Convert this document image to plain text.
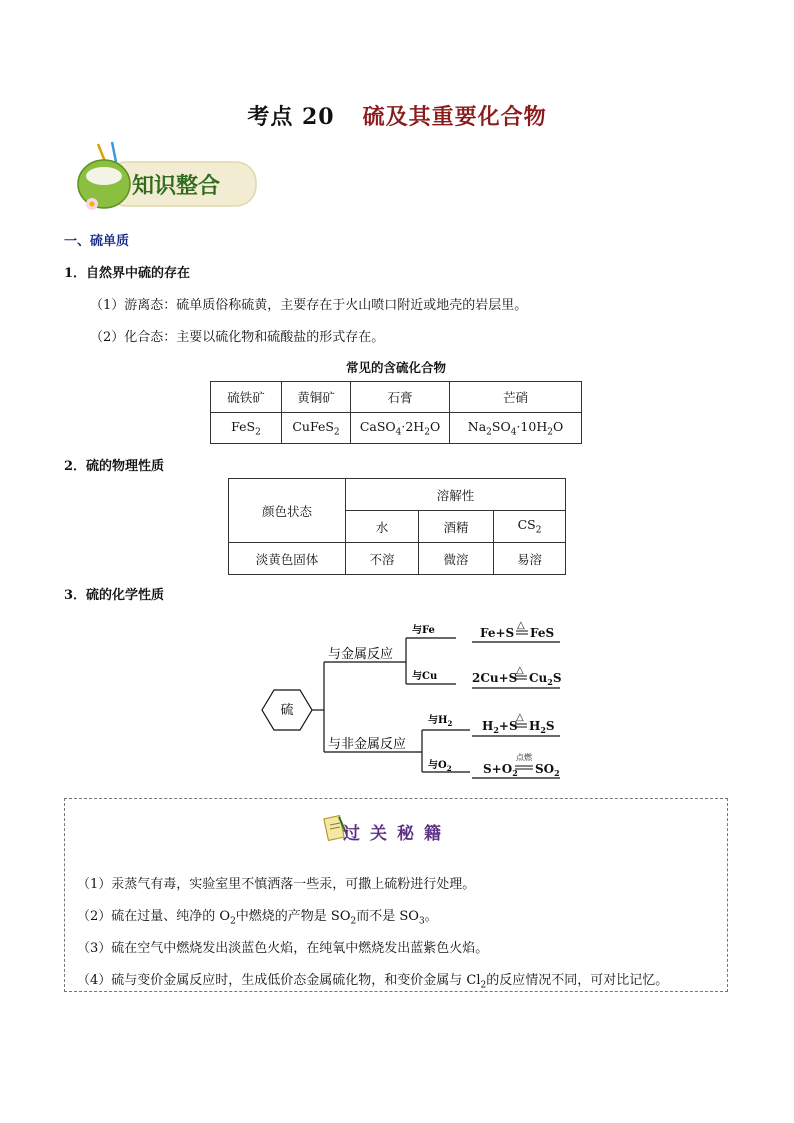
考点 20 硫及其重要化合物
知识整合
一、硫单质
1．自然界中硫的存在
（1）游离态：硫单质俗称硫黄，主要存在于火山喷口附近或地壳的岩层里。
（2）化合态：主要以硫化物和硫酸盐的形式存在。
常见的含硫化合物
硫铁矿	黄铜矿	石膏	芒硝
FeS$_2$	CuFeS$_2$	$CaSO_4\cdot 2H_2O$	$Na_2SO_4\cdot 10H_2O$
2．硫的物理性质
颜色状态	溶解性		
	水	酒精	$CS_2$
淡黄色固体	不溶	微溶	易溶
3．硫的化学性质
硫
与金属反应
与非金属反应
与Fe
与Cu
与$H_2$
与$O_2$
Fe+S
△
FeS
2Cu+S
△
$Cu_2S$
$H_2+S$
△
$H_2S$
$S+O_2$
点燃
$SO_2$
过关秘籍
（1）汞蒸气有毒，实验室里不慎洒落一些汞，可撒上硫粉进行处理。
（2）硫在过量、纯净的 $O_2$中燃烧的产物是 $SO_2$而不是 $SO_3$。
（3）硫在空气中燃烧发出淡蓝色火焰，在纯氧中燃烧发出蓝紫色火焰。
（4）硫与变价金属反应时，生成低价态金属硫化物，和变价金属与 $Cl_2$的反应情况不同，可对比记忆。
